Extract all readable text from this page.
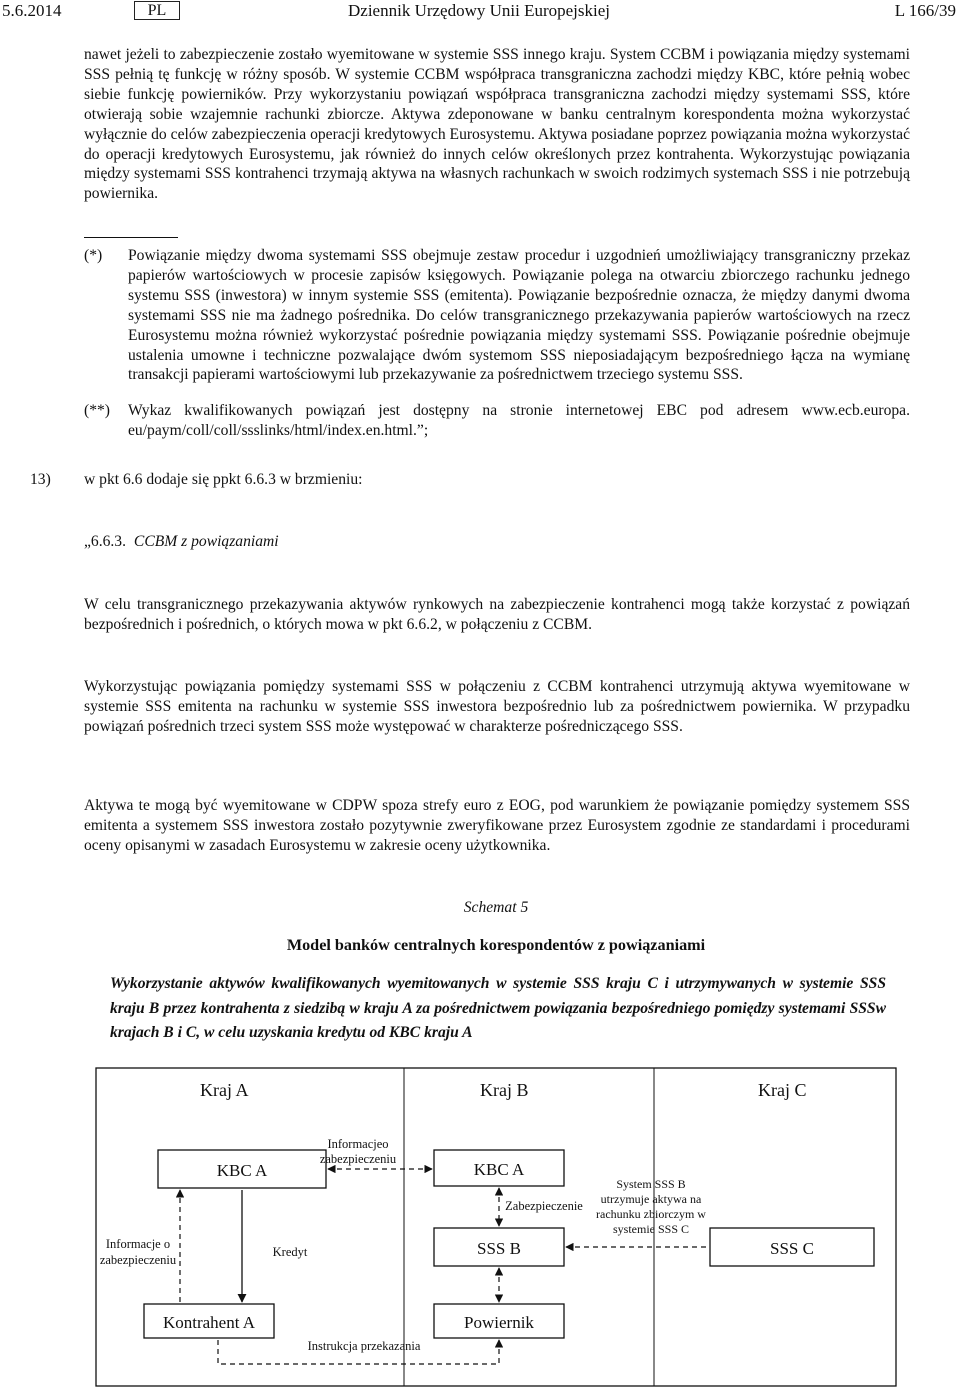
5.6.2014	PL	Dziennik Urzędowy Unii Europejskiej	L 166/39

nawet jeżeli to zabezpieczenie zostało wyemitowane w systemie SSS innego kraju. System CCBM i powiązania między systemami SSS pełnią tę funkcję w różny sposób. W systemie CCBM współpraca transgraniczna zachodzi między KBC, które pełnią wobec siebie funkcję powierników. Przy wykorzystaniu powiązań współpraca transgraniczna zachodzi między systemami SSS, które otwierają sobie wzajemnie rachunki zbiorcze. Aktywa zdeponowane w banku centralnym korespondenta można wykorzystać wyłącznie do celów zabezpieczenia operacji kredytowych Eurosystemu. Aktywa posiadane poprzez powiązania można wykorzystać do operacji kredytowych Eurosystemu, jak również do innych celów określonych przez kontrahenta. Wykorzystując powiązania między systemami SSS kontrahenci trzymają aktywa na własnych rachunkach w swoich rodzimych systemach SSS i nie potrzebują powiernika.

(*) Powiązanie między dwoma systemami SSS obejmuje zestaw procedur i uzgodnień umożliwiający transgraniczny przekaz papierów wartościowych w procesie zapisów księgowych. Powiązanie polega na otwarciu zbiorczego rachunku jednego systemu SSS (inwestora) w innym systemie SSS (emitenta). Powiązanie bezpośrednie oznacza, że między danymi dwoma systemami SSS nie ma żadnego pośrednika. Do celów transgranicznego przekazywania papierów wartościowych na rzecz Eurosystemu można również wykorzystać pośrednie powiązania między systemami SSS. Powiązanie pośrednie obejmuje ustalenia umowne i techniczne pozwalające dwóm systemom SSS nieposiadającym bezpośredniego łącza na wymianę transakcji papierami wartościowymi lub przekazywanie za pośrednictwem trzeciego systemu SSS.
(**) Wykaz kwalifikowanych powiązań jest dostępny na stronie internetowej EBC pod adresem www.ecb.europa. eu/paym/coll/coll/ssslinks/html/index.en.html.”;
13) w pkt 6.6 dodaje się ppkt 6.6.3 w brzmieniu:
„6.6.3. CCBM z powiązaniami

W celu transgranicznego przekazywania aktywów rynkowych na zabezpieczenie kontrahenci mogą także korzystać z powiązań bezpośrednich i pośrednich, o których mowa w pkt 6.6.2, w połączeniu z CCBM.

Wykorzystując powiązania pomiędzy systemami SSS w połączeniu z CCBM kontrahenci utrzymują aktywa wyemitowane w systemie SSS emitenta na rachunku w systemie SSS inwestora bezpośrednio lub za pośrednictwem powiernika. W przypadku powiązań pośrednich trzeci system SSS może występować w charakterze pośredniczącego SSS.

Aktywa te mogą być wyemitowane w CDPW spoza strefy euro z EOG, pod warunkiem że powiązanie pomiędzy systemem SSS emitenta a systemem SSS inwestora zostało pozytywnie zweryfikowane przez Eurosystem zgodnie ze standardami i procedurami oceny opisanymi w zasadach Eurosystemu w zakresie oceny użytkownika.

Schemat 5
Model banków centralnych korespondentów z powiązaniami

Wykorzystanie aktywów kwalifikowanych wyemitowanych w systemie SSS kraju C i utrzymywanych w systemie SSS kraju B przez kontrahenta z siedzibą w kraju A za pośrednictwem powiązania bezpośredniego pomiędzy systemami SSSw krajach B i C, w celu uzyskania kredytu od KBC kraju A

Kraj A	Kraj B	Kraj C
KBC A	KBC A
SSS B	SSS C
Kontrahent A	Powiernik
Informacjeo
zabezpieczeniu
Zabezpieczenie
System SSS B
utrzymuje aktywa na
rachunku zbiorczym w
systemie SSS C
Informacje o
zabezpieczeniu
Kredyt
Instrukcja przekazania
